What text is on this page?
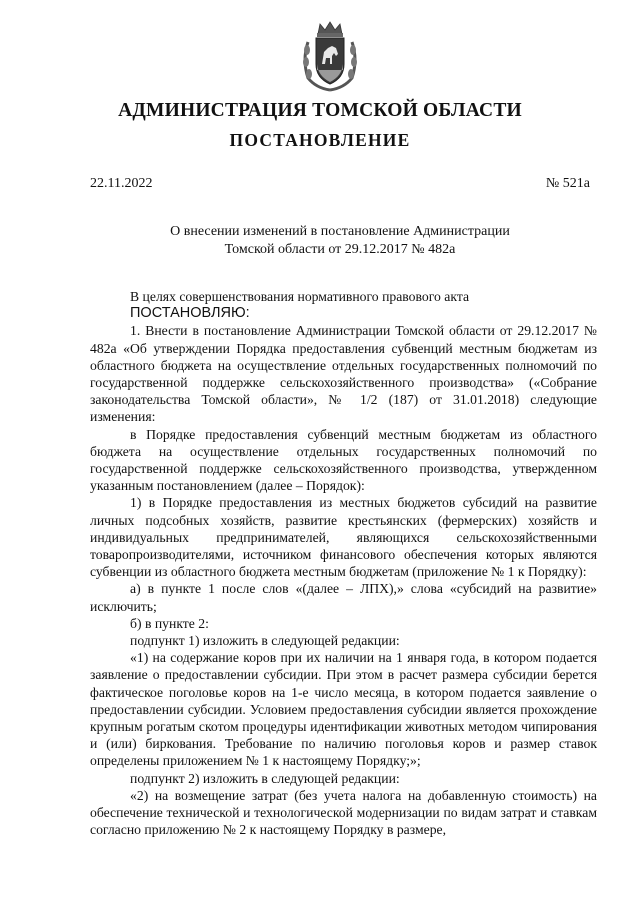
АДМИНИСТРАЦИЯ ТОМСКОЙ ОБЛАСТИ
ПОСТАНОВЛЕНИЕ
22.11.2022	№ 521а
О внесении изменений в постановление Администрации
Томской области от 29.12.2017 № 482а

В целях совершенствования нормативного правового акта

ПОСТАНОВЛЯЮ:

1. Внести в постановление Администрации Томской области от 29.12.2017 № 482а «Об утверждении Порядка предоставления субвенций местным бюджетам из областного бюджета на осуществление отдельных государственных полномочий по государственной поддержке сельскохозяйственного производства» («Собрание законодательства Томской области», № 1/2 (187) от 31.01.2018) следующие изменения:

в Порядке предоставления субвенций местным бюджетам из областного бюджета на осуществление отдельных государственных полномочий по государственной поддержке сельскохозяйственного производства, утвержденном указанным постановлением (далее – Порядок):

1) в Порядке предоставления из местных бюджетов субсидий на развитие личных подсобных хозяйств, развитие крестьянских (фермерских) хозяйств и индивидуальных предпринимателей, являющихся сельскохозяйственными товаропроизводителями, источником финансового обеспечения которых являются субвенции из областного бюджета местным бюджетам (приложение № 1 к Порядку):

а) в пункте 1 после слов «(далее – ЛПХ),» слова «субсидий на развитие» исключить;

б) в пункте 2:

подпункт 1) изложить в следующей редакции:

«1) на содержание коров при их наличии на 1 января года, в котором подается заявление о предоставлении субсидии. При этом в расчет размера субсидии берется фактическое поголовье коров на 1-е число месяца, в котором подается заявление о предоставлении субсидии. Условием предоставления субсидии является прохождение крупным рогатым скотом процедуры идентификации животных методом чипирования и (или) биркования. Требование по наличию поголовья коров и размер ставок определены приложением № 1 к настоящему Порядку;»;

подпункт 2) изложить в следующей редакции:

«2) на возмещение затрат (без учета налога на добавленную стоимость) на обеспечение технической и технологической модернизации по видам затрат и ставкам согласно приложению № 2 к настоящему Порядку в размере,
